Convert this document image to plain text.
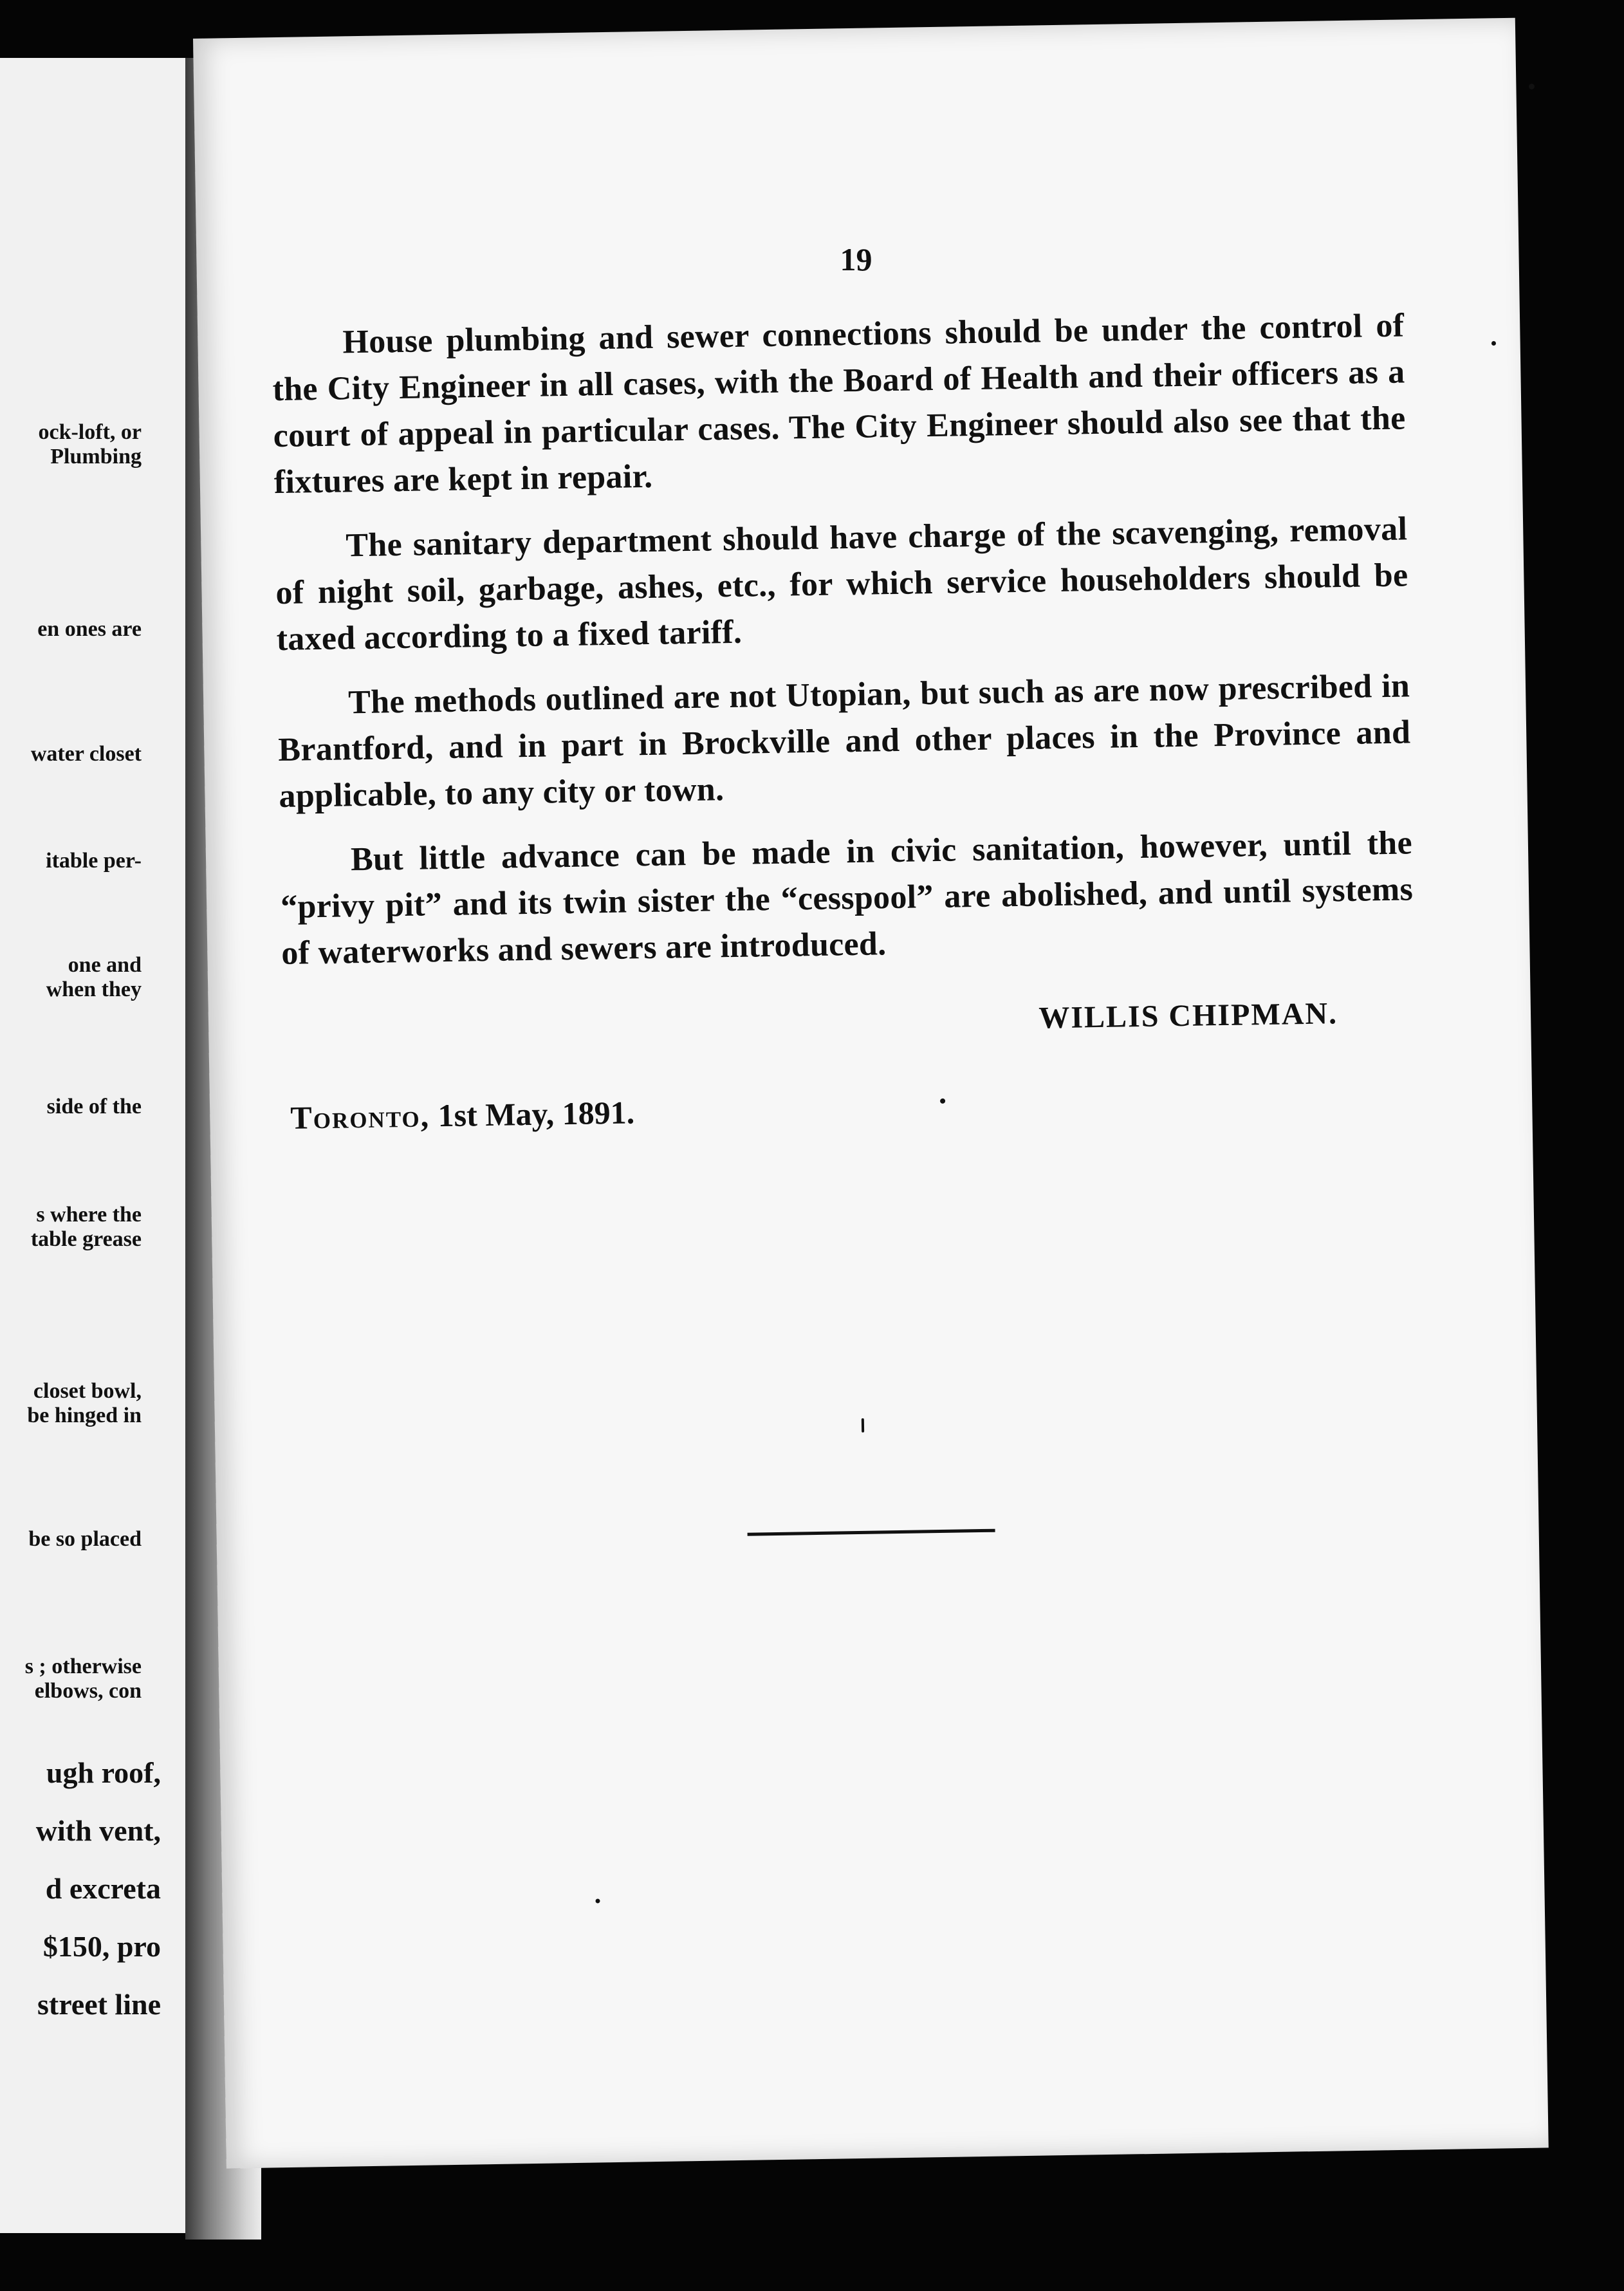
ock-loft, or
Plumbing
en ones are
water closet
itable per-
one and
when they
side of the
s where the
table grease
closet bowl,
be hinged in
be so placed
s ; otherwise
elbows, con
ugh roof,
with vent,
d excreta
$150, pro
street line
19

House plumbing and sewer connections should be under the control of the City Engineer in all cases, with the Board of Health and their officers as a court of appeal in particular cases. The City Engineer should also see that the fixtures are kept in repair.

The sanitary department should have charge of the scavenging, removal of night soil, garbage, ashes, etc., for which service householders should be taxed according to a fixed tariff.

The methods outlined are not Utopian, but such as are now prescribed in Brantford, and in part in Brockville and other places in the Province and applicable, to any city or town.

But little advance can be made in civic sanitation, however, until the “privy pit” and its twin sister the “cesspool” are abolished, and until systems of waterworks and sewers are introduced.

WILLIS CHIPMAN.
Toronto, 1st May, 1891.
